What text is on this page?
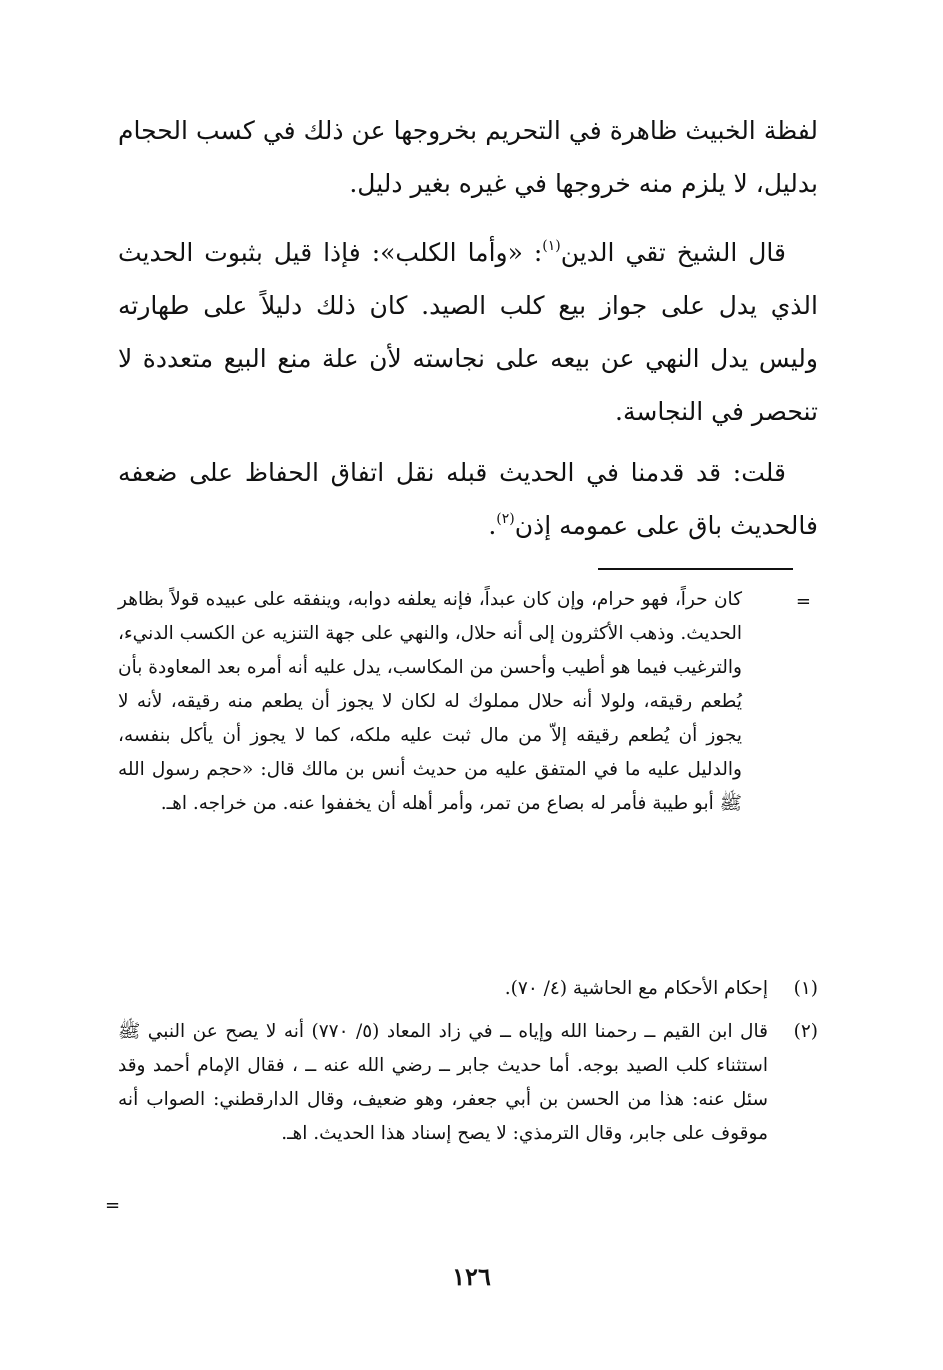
لفظة الخبيث ظاهرة في التحريم بخروجها عن ذلك في كسب الحجام بدليل، لا يلزم منه خروجها في غيره بغير دليل.

قال الشيخ تقي الدين$^{(١)}$: «وأما الكلب»: فإذا قيل بثبوت الحديث الذي يدل على جواز بيع كلب الصيد. كان ذلك دليلاً على طهارته وليس يدل النهي عن بيعه على نجاسته لأن علة منع البيع متعددة لا تنحصر في النجاسة.

قلت: قد قدمنا في الحديث قبله نقل اتفاق الحفاظ على ضعفه فالحديث باق على عمومه إذن$^{(٢)}$.

=
كان حراً، فهو حرام، وإن كان عبداً، فإنه يعلفه دوابه، وينفقه على عبيده قولاً بظاهر الحديث. وذهب الأكثرون إلى أنه حلال، والنهي على جهة التنزيه عن الكسب الدنيء، والترغيب فيما هو أطيب وأحسن من المكاسب، يدل عليه أنه أمره بعد المعاودة بأن يُطعم رقيقه، ولولا أنه حلال مملوك له لكان لا يجوز أن يطعم منه رقيقه، لأنه لا يجوز أن يُطعم رقيقه إلاّ من مال ثبت عليه ملكه، كما لا يجوز أن يأكل بنفسه، والدليل عليه ما في المتفق عليه من حديث أنس بن مالك قال: «حجم رسول الله ﷺ أبو طيبة فأمر له بصاع من تمر، وأمر أهله أن يخففوا عنه. من خراجه. اهـ.
(١)
إحكام الأحكام مع الحاشية (٤/ ٧٠).
(٢)
قال ابن القيم ــ رحمنا الله وإياه ــ في زاد المعاد (٥/ ٧٧٠) أنه لا يصح عن النبي ﷺ استثناء كلب الصيد بوجه. أما حديث جابر ــ رضي الله عنه ــ ، فقال الإمام أحمد وقد سئل عنه: هذا من الحسن بن أبي جعفر، وهو ضعيف، وقال الدارقطني: الصواب أنه موقوف على جابر، وقال الترمذي: لا يصح إسناد هذا الحديث. اهـ.
=
١٢٦
